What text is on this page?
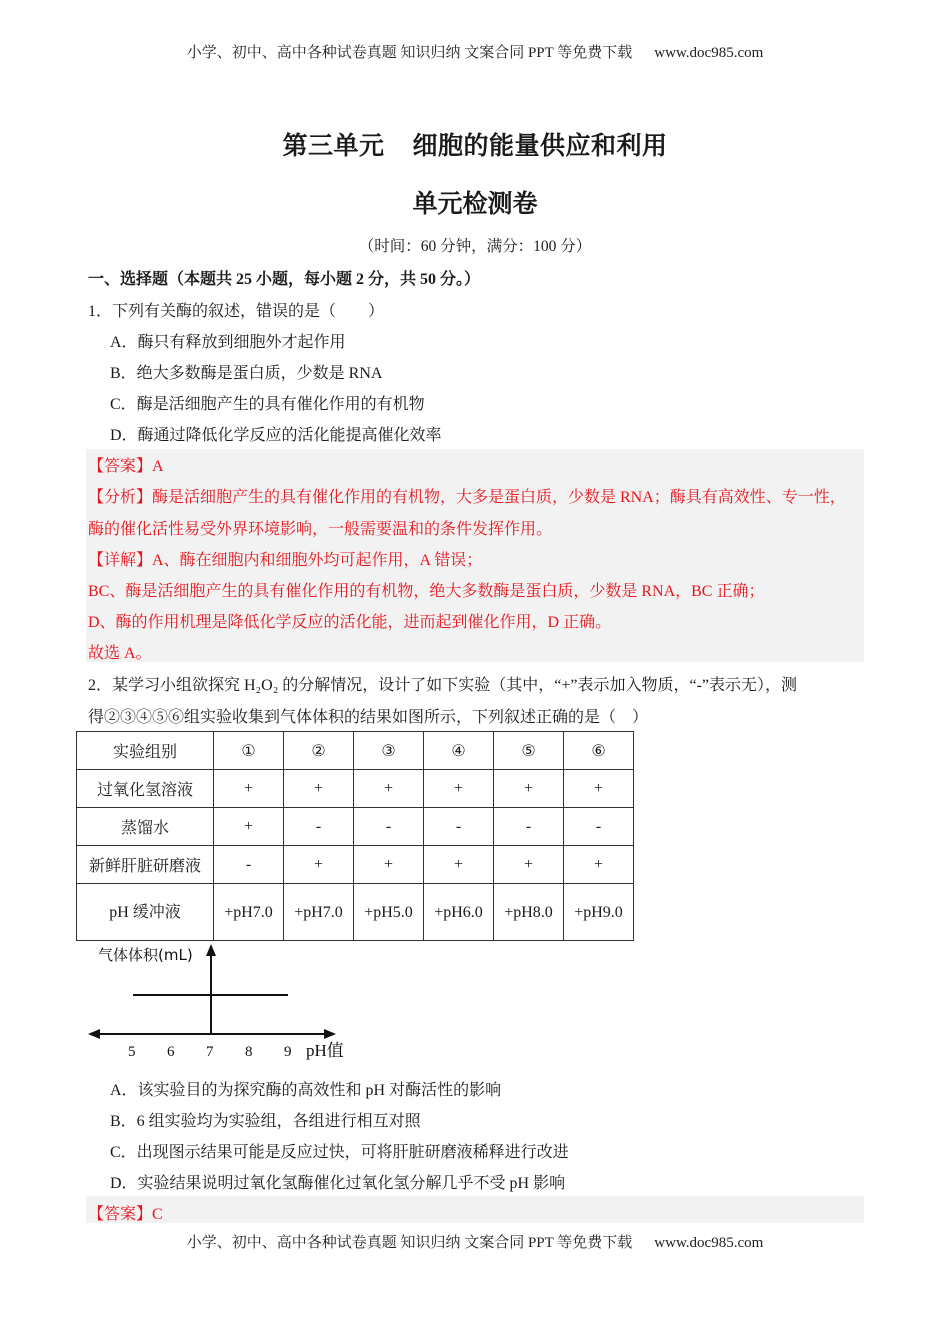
小学、初中、高中各种试卷真题 知识归纳 文案合同 PPT 等免费下载 www.doc985.com
第三单元 细胞的能量供应和利用
单元检测卷
（时间：60 分钟，满分：100 分）
一、选择题（本题共 25 小题，每小题 2 分，共 50 分。）
1．下列有关酶的叙述，错误的是（　　）
A．酶只有释放到细胞外才起作用
B．绝大多数酶是蛋白质，少数是 RNA
C．酶是活细胞产生的具有催化作用的有机物
D．酶通过降低化学反应的活化能提高催化效率
【答案】A
【分析】酶是活细胞产生的具有催化作用的有机物，大多是蛋白质，少数是 RNA；酶具有高效性、专一性，
酶的催化活性易受外界环境影响，一般需要温和的条件发挥作用。
【详解】A、酶在细胞内和细胞外均可起作用，A 错误；
BC、酶是活细胞产生的具有催化作用的有机物，绝大多数酶是蛋白质，少数是 RNA，BC 正确；
D、酶的作用机理是降低化学反应的活化能，进而起到催化作用，D 正确。
故选 A。
2．某学习小组欲探究 H₂O₂ 的分解情况，设计了如下实验（其中，“+”表示加入物质，“-”表示无），测
得②③④⑤⑥组实验收集到气体体积的结果如图所示，下列叙述正确的是（　）
实验组别	①	②	③	④	⑤	⑥
过氧化氢溶液	+	+	+	+	+	+
蒸馏水	+	-	-	-	-	-
新鲜肝脏研磨液	-	+	+	+	+	+
pH 缓冲液	+pH7.0	+pH7.0	+pH5.0	+pH6.0	+pH8.0	+pH9.0
气体体积(mL)
5 6 7 8 9 pH值
A．该实验目的为探究酶的高效性和 pH 对酶活性的影响
B．6 组实验均为实验组，各组进行相互对照
C．出现图示结果可能是反应过快，可将肝脏研磨液稀释进行改进
D．实验结果说明过氧化氢酶催化过氧化氢分解几乎不受 pH 影响
【答案】C
小学、初中、高中各种试卷真题 知识归纳 文案合同 PPT 等免费下载 www.doc985.com
